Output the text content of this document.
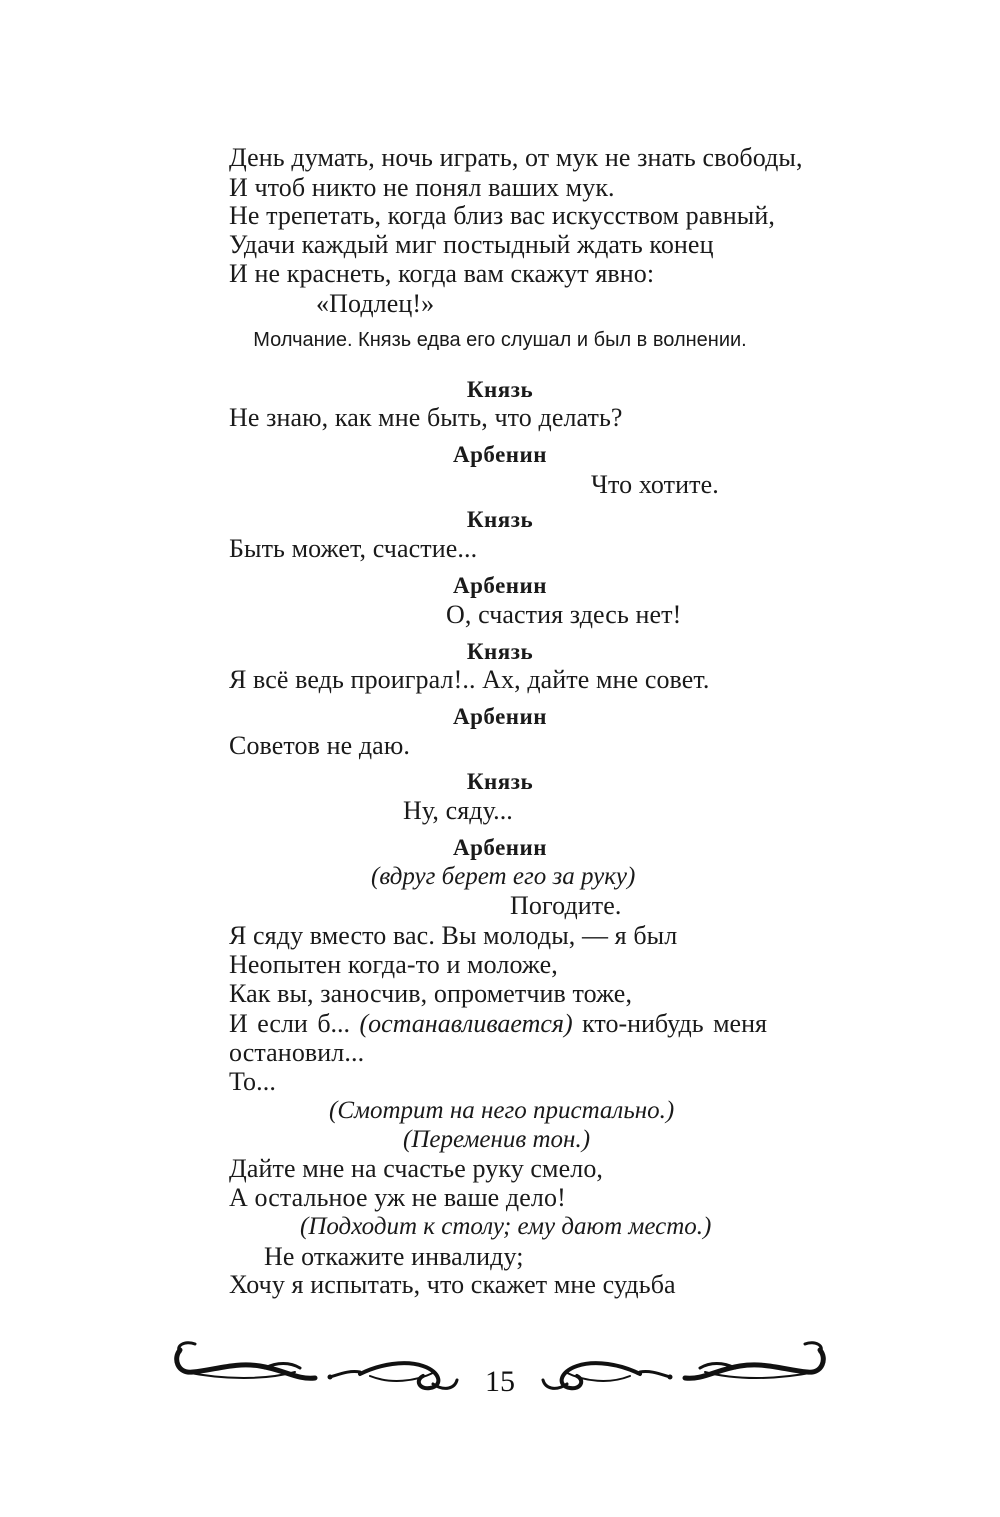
День думать, ночь играть, от мук не знать свободы,
И чтоб никто не понял ваших мук.
Не трепетать, когда близ вас искусством равный,
Удачи каждый миг постыдный ждать конец
И не краснеть, когда вам скажут явно:
«Подлец!»
Молчание. Князь едва его слушал и был в волнении.
Князь
Не знаю, как мне быть, что делать?
Арбенин
Что хотите.
Князь
Быть может, счастие...
Арбенин
О, счастия здесь нет!
Князь
Я всё ведь проиграл!.. Ах, дайте мне совет.
Арбенин
Советов не даю.
Князь
Ну, сяду...
Арбенин
(вдруг берет его за руку)
Погодите.
Я сяду вместо вас. Вы молоды, — я был
Неопытен когда-то и моложе,
Как вы, заносчив, опрометчив тоже,
И если б... (останавливается) кто-нибудь меня
остановил...
То...
(Смотрит на него пристально.)
(Переменив тон.)
Дайте мне на счастье руку смело,
А остальное уж не ваше дело!
(Подходит к столу; ему дают место.)
Не откажите инвалиду;
Хочу я испытать, что скажет мне судьба
15
